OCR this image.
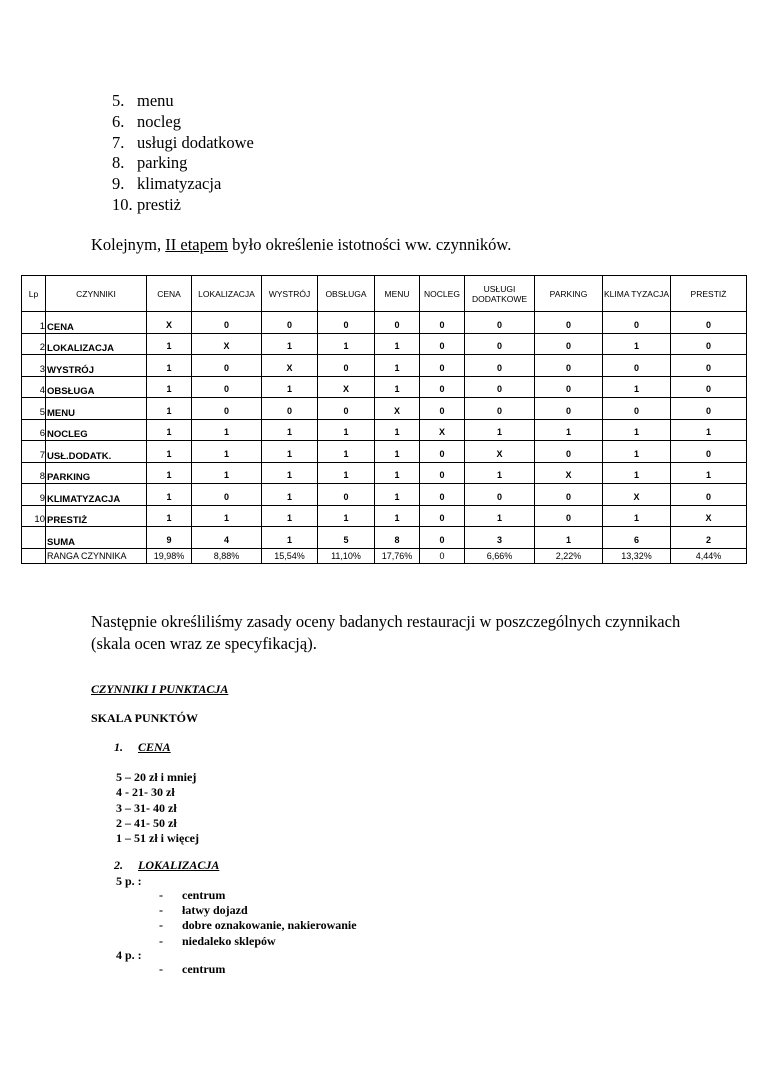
5. menu
6. nocleg
7. usługi dodatkowe
8. parking
9. klimatyzacja
10. prestiż

Kolejnym, II etapem było określenie istotności ww. czynników.

Lp	CZYNNIKI	CENA	LOKALIZACJA	WYSTRÓJ	OBSŁUGA	MENU	NOCLEG	USŁUGI DODATKOWE	PARKING	KLIMA TYZACJA	PRESTIŻ
1	CENA	X	0	0	0	0	0	0	0	0	0
2	LOKALIZACJA	1	X	1	1	1	0	0	0	1	0
3	WYSTRÓJ	1	0	X	0	1	0	0	0	0	0
4	OBSŁUGA	1	0	1	X	1	0	0	0	1	0
5	MENU	1	0	0	0	X	0	0	0	0	0
6	NOCLEG	1	1	1	1	1	X	1	1	1	1
7	USŁ.DODATK.	1	1	1	1	1	0	X	0	1	0
8	PARKING	1	1	1	1	1	0	1	X	1	1
9	KLIMATYZACJA	1	0	1	0	1	0	0	0	X	0
10	PRESTIŻ	1	1	1	1	1	0	1	0	1	X
	SUMA	9	4	1	5	8	0	3	1	6	2
	RANGA CZYNNIKA	19,98%	8,88%	15,54%	11,10%	17,76%	0	6,66%	2,22%	13,32%	4,44%

Następnie określiliśmy zasady oceny badanych restauracji w poszczególnych czynnikach (skala ocen wraz ze specyfikacją).

CZYNNIKI I PUNKTACJA
SKALA PUNKTÓW
1. CENA
5 – 20 zł i mniej
4 - 21- 30 zł
3 – 31- 40 zł
2 – 41- 50 zł
1 – 51 zł i więcej
2. LOKALIZACJA
5 p. :
- centrum
- łatwy dojazd
- dobre oznakowanie, nakierowanie
- niedaleko sklepów
4 p. :
- centrum
